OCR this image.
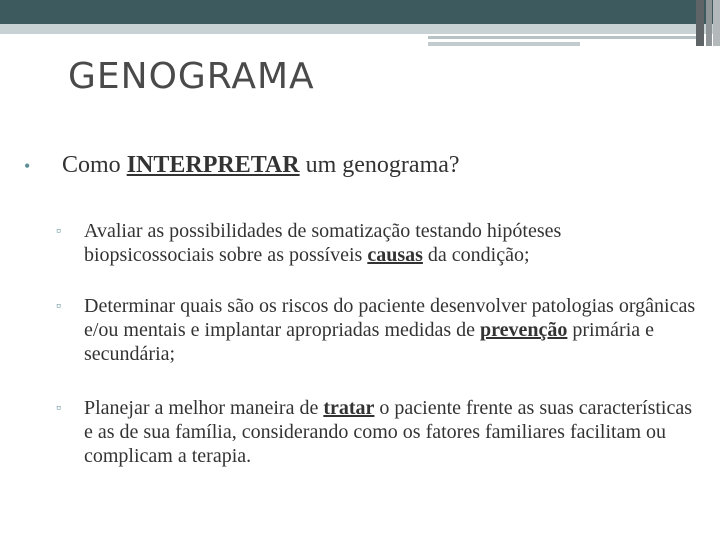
GENOGRAMA
• Como INTERPRETAR um genograma?
▫ Avaliar as possibilidades de somatização testando hipóteses biopsicossociais sobre as possíveis causas da condição;
▫ Determinar quais são os riscos do paciente desenvolver patologias orgânicas e/ou mentais e implantar apropriadas medidas de prevenção primária e secundária;
▫ Planejar a melhor maneira de tratar o paciente frente as suas características e as de sua família, considerando como os fatores familiares facilitam ou complicam a terapia.
